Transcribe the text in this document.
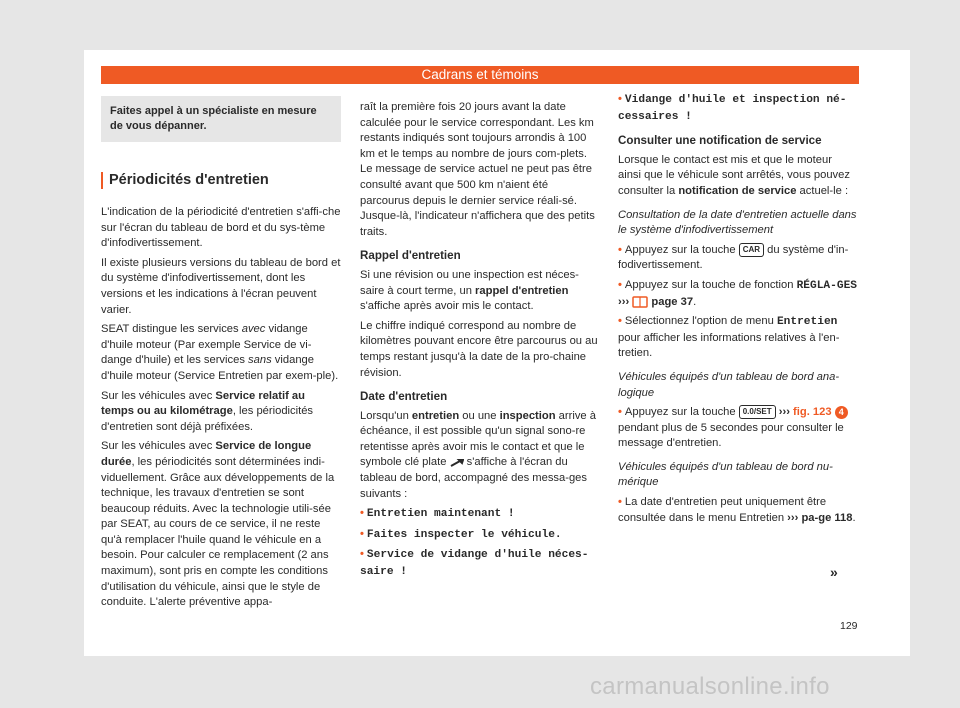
Cadrans et témoins
Faites appel à un spécialiste en mesure de vous dépanner.
Périodicités d'entretien

L'indication de la périodicité d'entretien s'affi-che sur l'écran du tableau de bord et du sys-tème d'infodivertissement.

Il existe plusieurs versions du tableau de bord et du système d'infodivertissement, dont les versions et les indications à l'écran peuvent varier.

SEAT distingue les services avec vidange d'huile moteur (Par exemple Service de vi-dange d'huile) et les services sans vidange d'huile moteur (Service Entretien par exem-ple).

Sur les véhicules avec Service relatif au temps ou au kilométrage, les périodicités d'entretien sont déjà préfixées.

Sur les véhicules avec Service de longue durée, les périodicités sont déterminées indi-viduellement. Grâce aux développements de la technique, les travaux d'entretien se sont beaucoup réduits. Avec la technologie utili-sée par SEAT, au cours de ce service, il ne reste qu'à remplacer l'huile quand le véhicule en a besoin. Pour calculer ce remplacement (2 ans maximum), sont pris en compte les conditions d'utilisation du véhicule, ainsi que le style de conduite. L'alerte préventive appa-

raît la première fois 20 jours avant la date calculée pour le service correspondant. Les km restants indiqués sont toujours arrondis à 100 km et le temps au nombre de jours com-plets. Le message de service actuel ne peut pas être consulté avant que 500 km n'aient été parcourus depuis le dernier service réali-sé. Jusque-là, l'indicateur n'affichera que des petits traits.

Rappel d'entretien

Si une révision ou une inspection est néces-saire à court terme, un rappel d'entretien s'affiche après avoir mis le contact.

Le chiffre indiqué correspond au nombre de kilomètres pouvant encore être parcourus ou au temps restant jusqu'à la date de la pro-chaine révision.

Date d'entretien

Lorsqu'un entretien ou une inspection arrive à échéance, il est possible qu'un signal sono-re retentisse après avoir mis le contact et que le symbole clé plate  s'affiche à l'écran du tableau de bord, accompagné des messa-ges suivants :

• Entretien maintenant !

• Faites inspecter le véhicule.

• Service de vidange d'huile néces-saire !

• Vidange d'huile et inspection né-cessaires !

Consulter une notification de service

Lorsque le contact est mis et que le moteur ainsi que le véhicule sont arrêtés, vous pouvez consulter la notification de service actuel-le :

Consultation de la date d'entretien actuelle dans le système d'infodivertissement

• Appuyez sur la touche CAR du système d'in-fodivertissement.

• Appuyez sur la touche de fonction RÉGLA-GES ›››  page 37.

• Sélectionnez l'option de menu Entretien pour afficher les informations relatives à l'en-tretien.

Véhicules équipés d'un tableau de bord ana-logique

• Appuyez sur la touche 0.0/SET ››› fig. 123 4 pendant plus de 5 secondes pour consulter le message d'entretien.

Véhicules équipés d'un tableau de bord nu-mérique

• La date d'entretien peut uniquement être consultée dans le menu Entretien ››› pa-ge 118.

»
129
carmanualsonline.info
